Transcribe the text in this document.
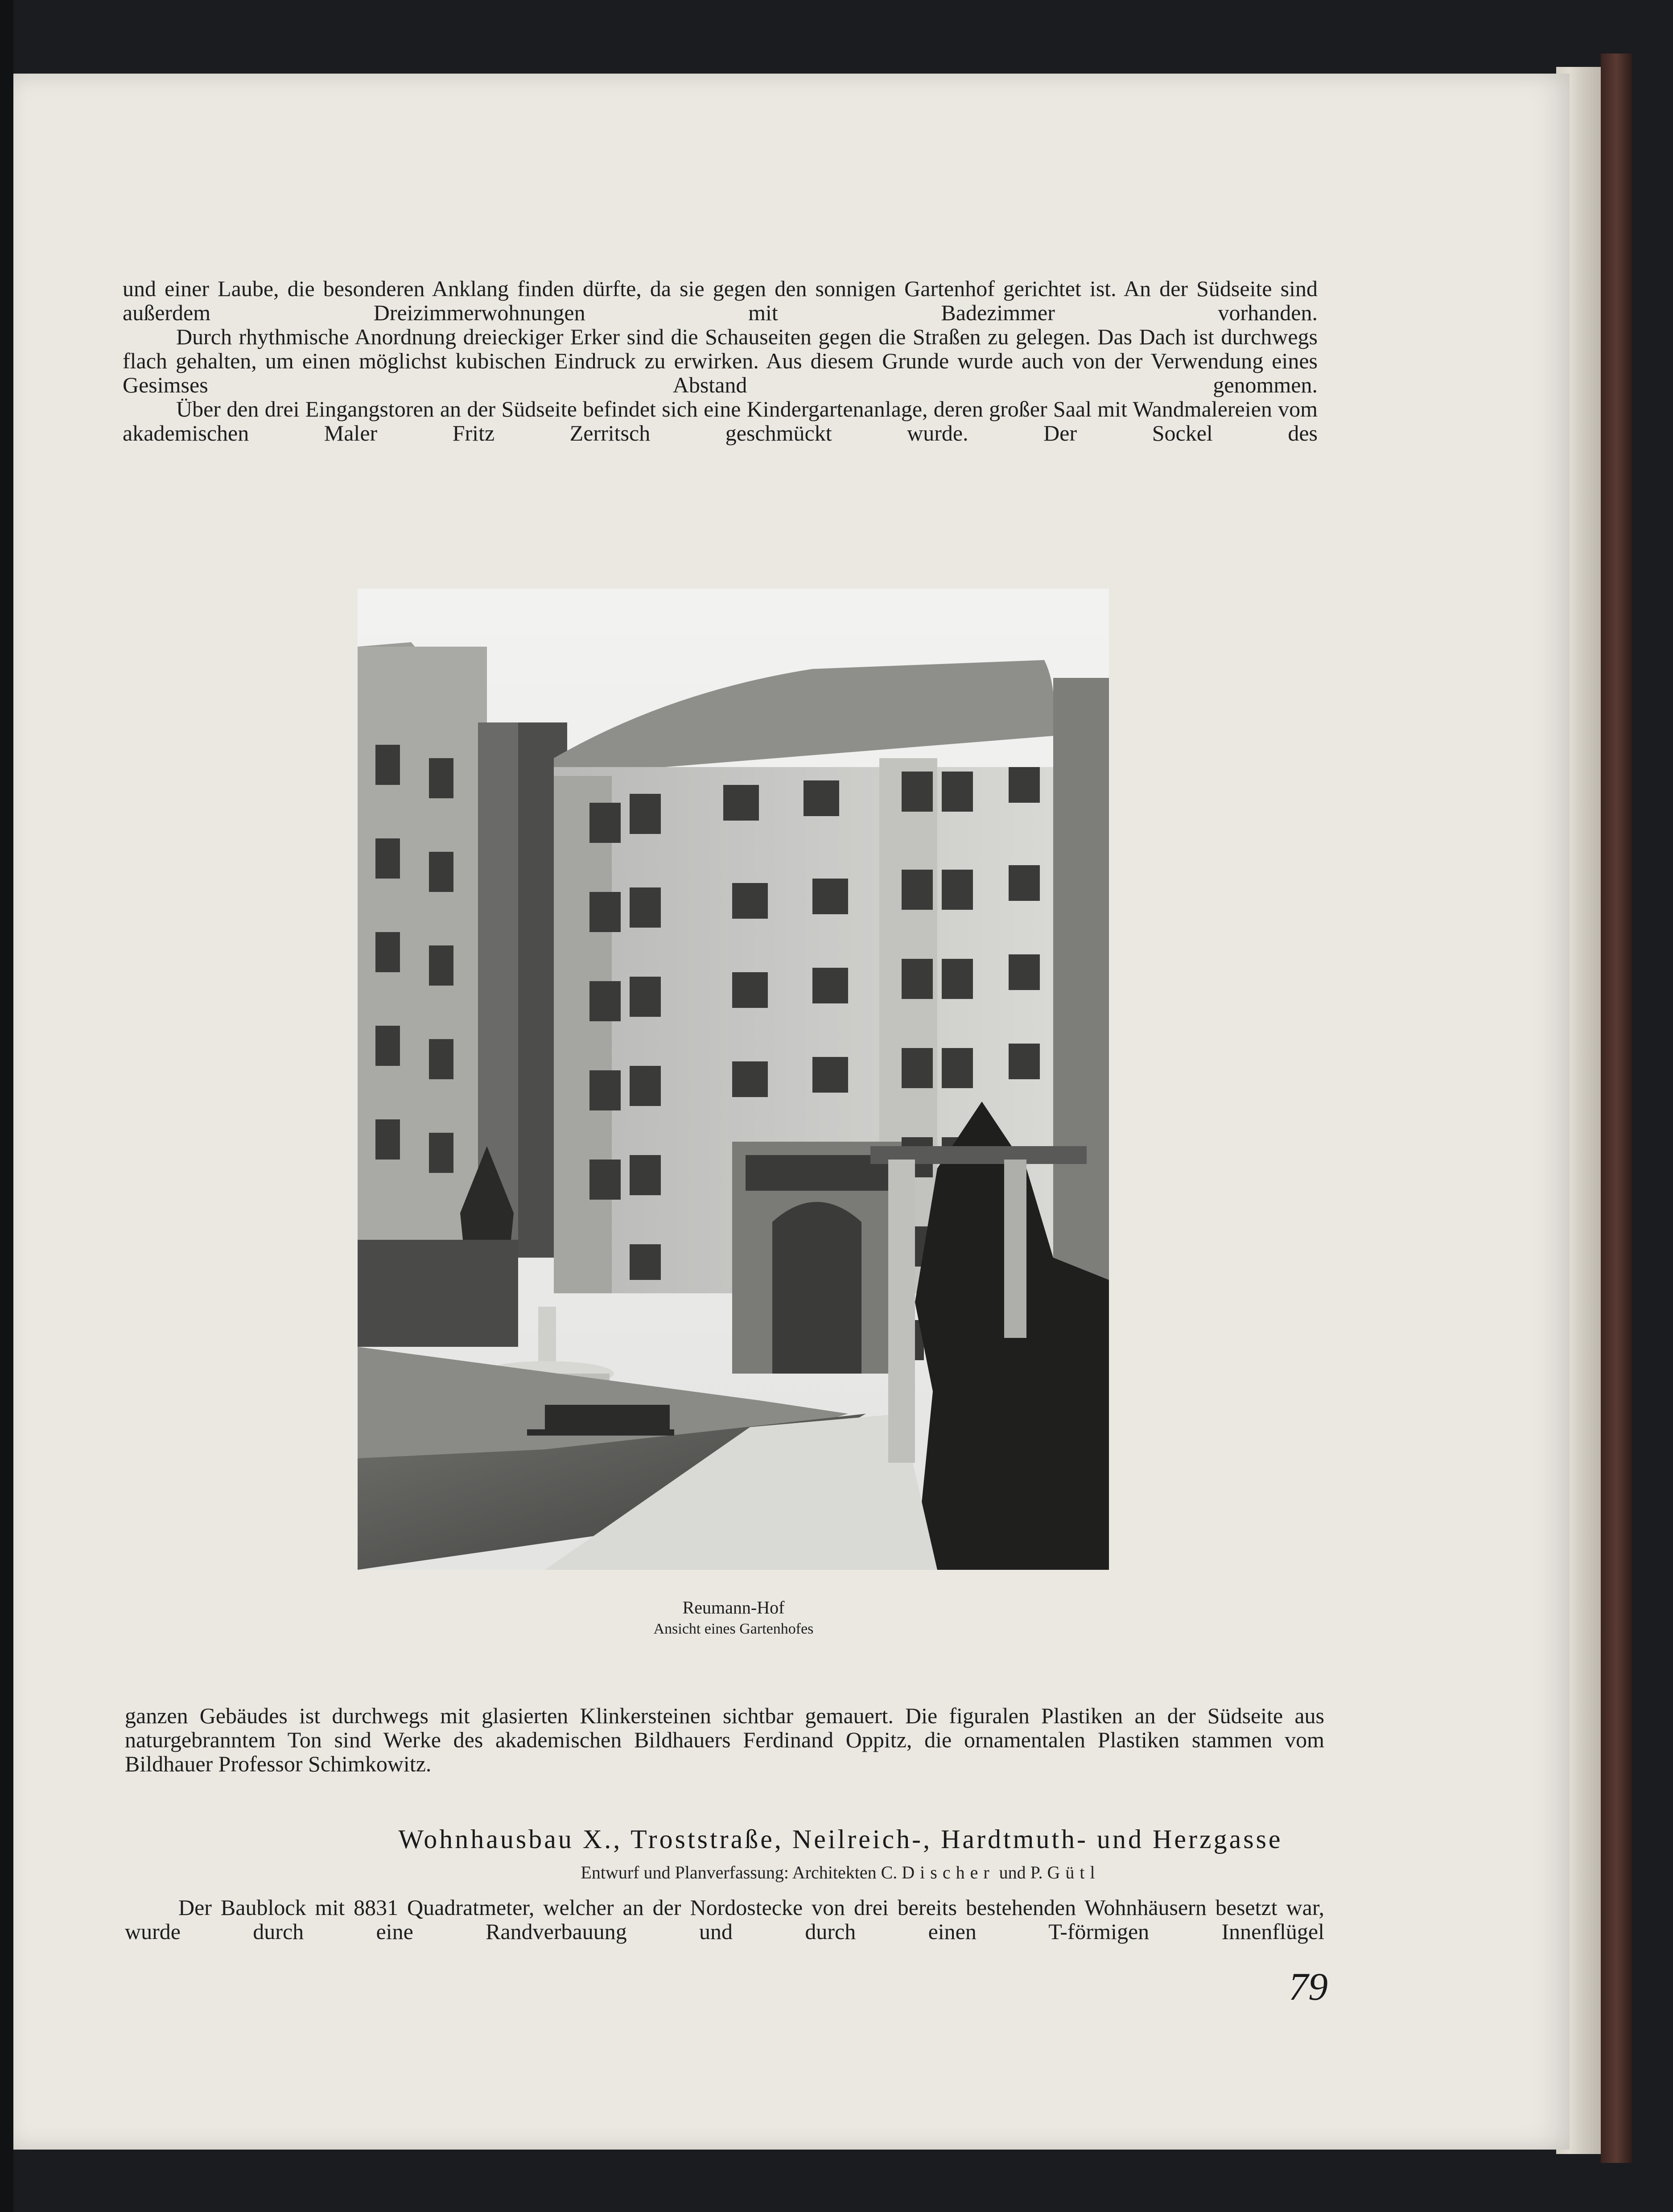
und einer Laube, die besonderen Anklang finden dürfte, da sie gegen den sonnigen Gartenhof gerichtet ist. An der Südseite sind außerdem Dreizimmerwohnungen mit Badezimmer vorhanden.

Durch rhythmische Anordnung dreieckiger Erker sind die Schauseiten gegen die Straßen zu gelegen. Das Dach ist durchwegs flach gehalten, um einen möglichst kubischen Eindruck zu erwirken. Aus diesem Grunde wurde auch von der Verwendung eines Gesimses Abstand genommen.

Über den drei Eingangstoren an der Südseite befindet sich eine Kindergartenanlage, deren großer Saal mit Wandmalereien vom akademischen Maler Fritz Zerritsch geschmückt wurde. Der Sockel des

Reumann-Hof
Ansicht eines Gartenhofes

ganzen Gebäudes ist durchwegs mit glasierten Klinkersteinen sichtbar gemauert. Die figuralen Plastiken an der Südseite aus naturgebranntem Ton sind Werke des akademischen Bildhauers Ferdinand Oppitz, die ornamentalen Plastiken stammen vom Bildhauer Professor Schimkowitz.

Wohnhausbau X., Troststraße, Neilreich-, Hardtmuth- und Herzgasse
Entwurf und Planverfassung: Architekten C. Discher und P. Gütl

Der Baublock mit 8831 Quadratmeter, welcher an der Nordostecke von drei bereits bestehenden Wohnhäusern besetzt war, wurde durch eine Randverbauung und durch einen T-förmigen Innenflügel

79
